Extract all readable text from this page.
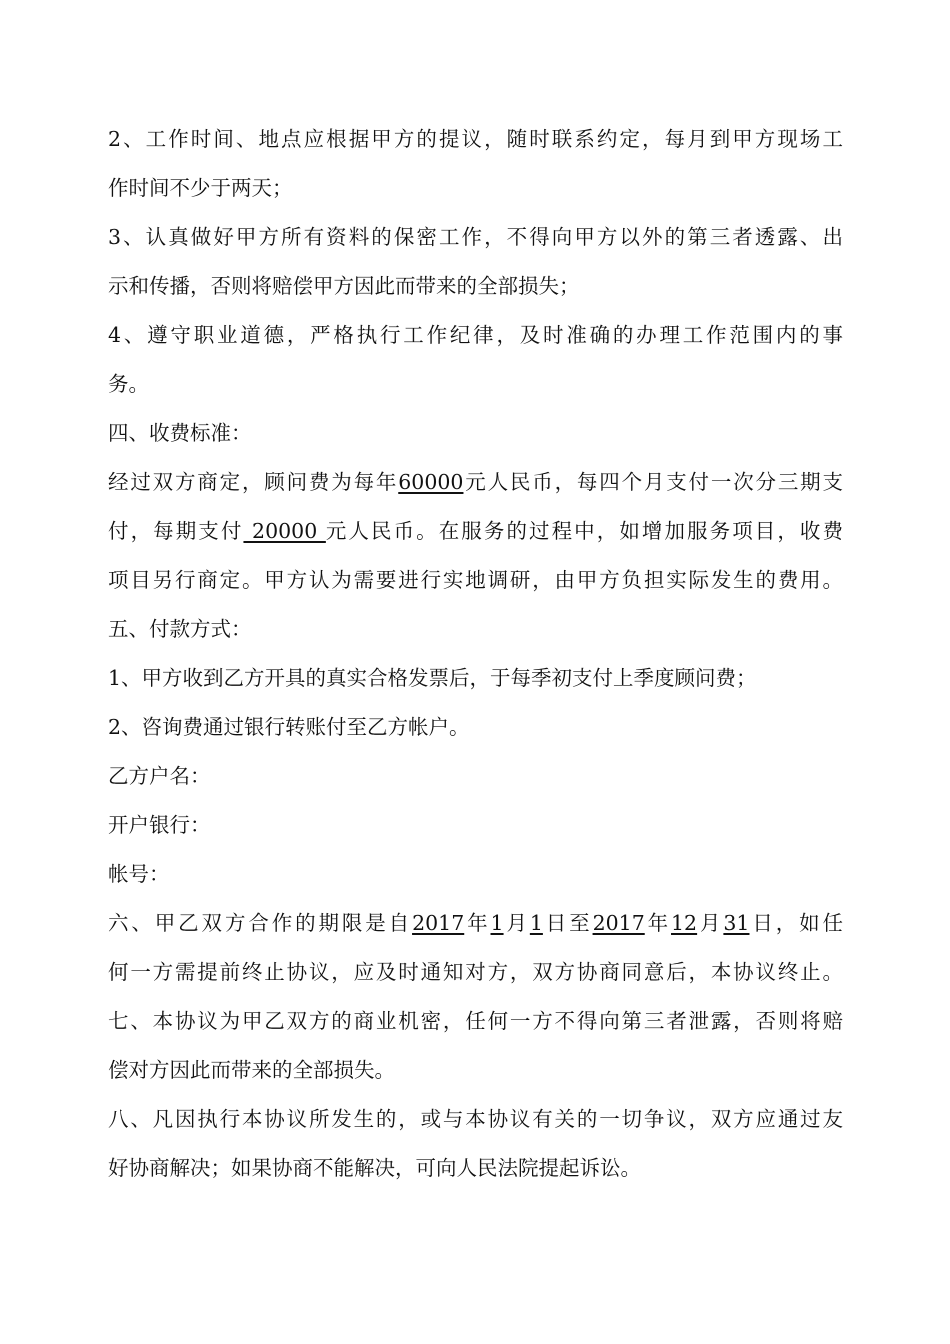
2、工作时间、地点应根据甲方的提议，随时联系约定，每月到甲方现场工
作时间不少于两天；
3、认真做好甲方所有资料的保密工作，不得向甲方以外的第三者透露、出
示和传播，否则将赔偿甲方因此而带来的全部损失；
4、遵守职业道德，严格执行工作纪律，及时准确的办理工作范围内的事
务。
四、收费标准：
经过双方商定，顾问费为每年60000元人民币，每四个月支付一次分三期支
付，每期支付 20000 元人民币。在服务的过程中，如增加服务项目，收费
项目另行商定。甲方认为需要进行实地调研，由甲方负担实际发生的费用。
五、付款方式：
1、甲方收到乙方开具的真实合格发票后，于每季初支付上季度顾问费；
2、咨询费通过银行转账付至乙方帐户。
乙方户名：
开户银行：
帐号：
六、甲乙双方合作的期限是自2017年1月1日至2017年12月31日，如任
何一方需提前终止协议，应及时通知对方，双方协商同意后，本协议终止。
七、本协议为甲乙双方的商业机密，任何一方不得向第三者泄露，否则将赔
偿对方因此而带来的全部损失。
八、凡因执行本协议所发生的，或与本协议有关的一切争议，双方应通过友
好协商解决；如果协商不能解决，可向人民法院提起诉讼。
